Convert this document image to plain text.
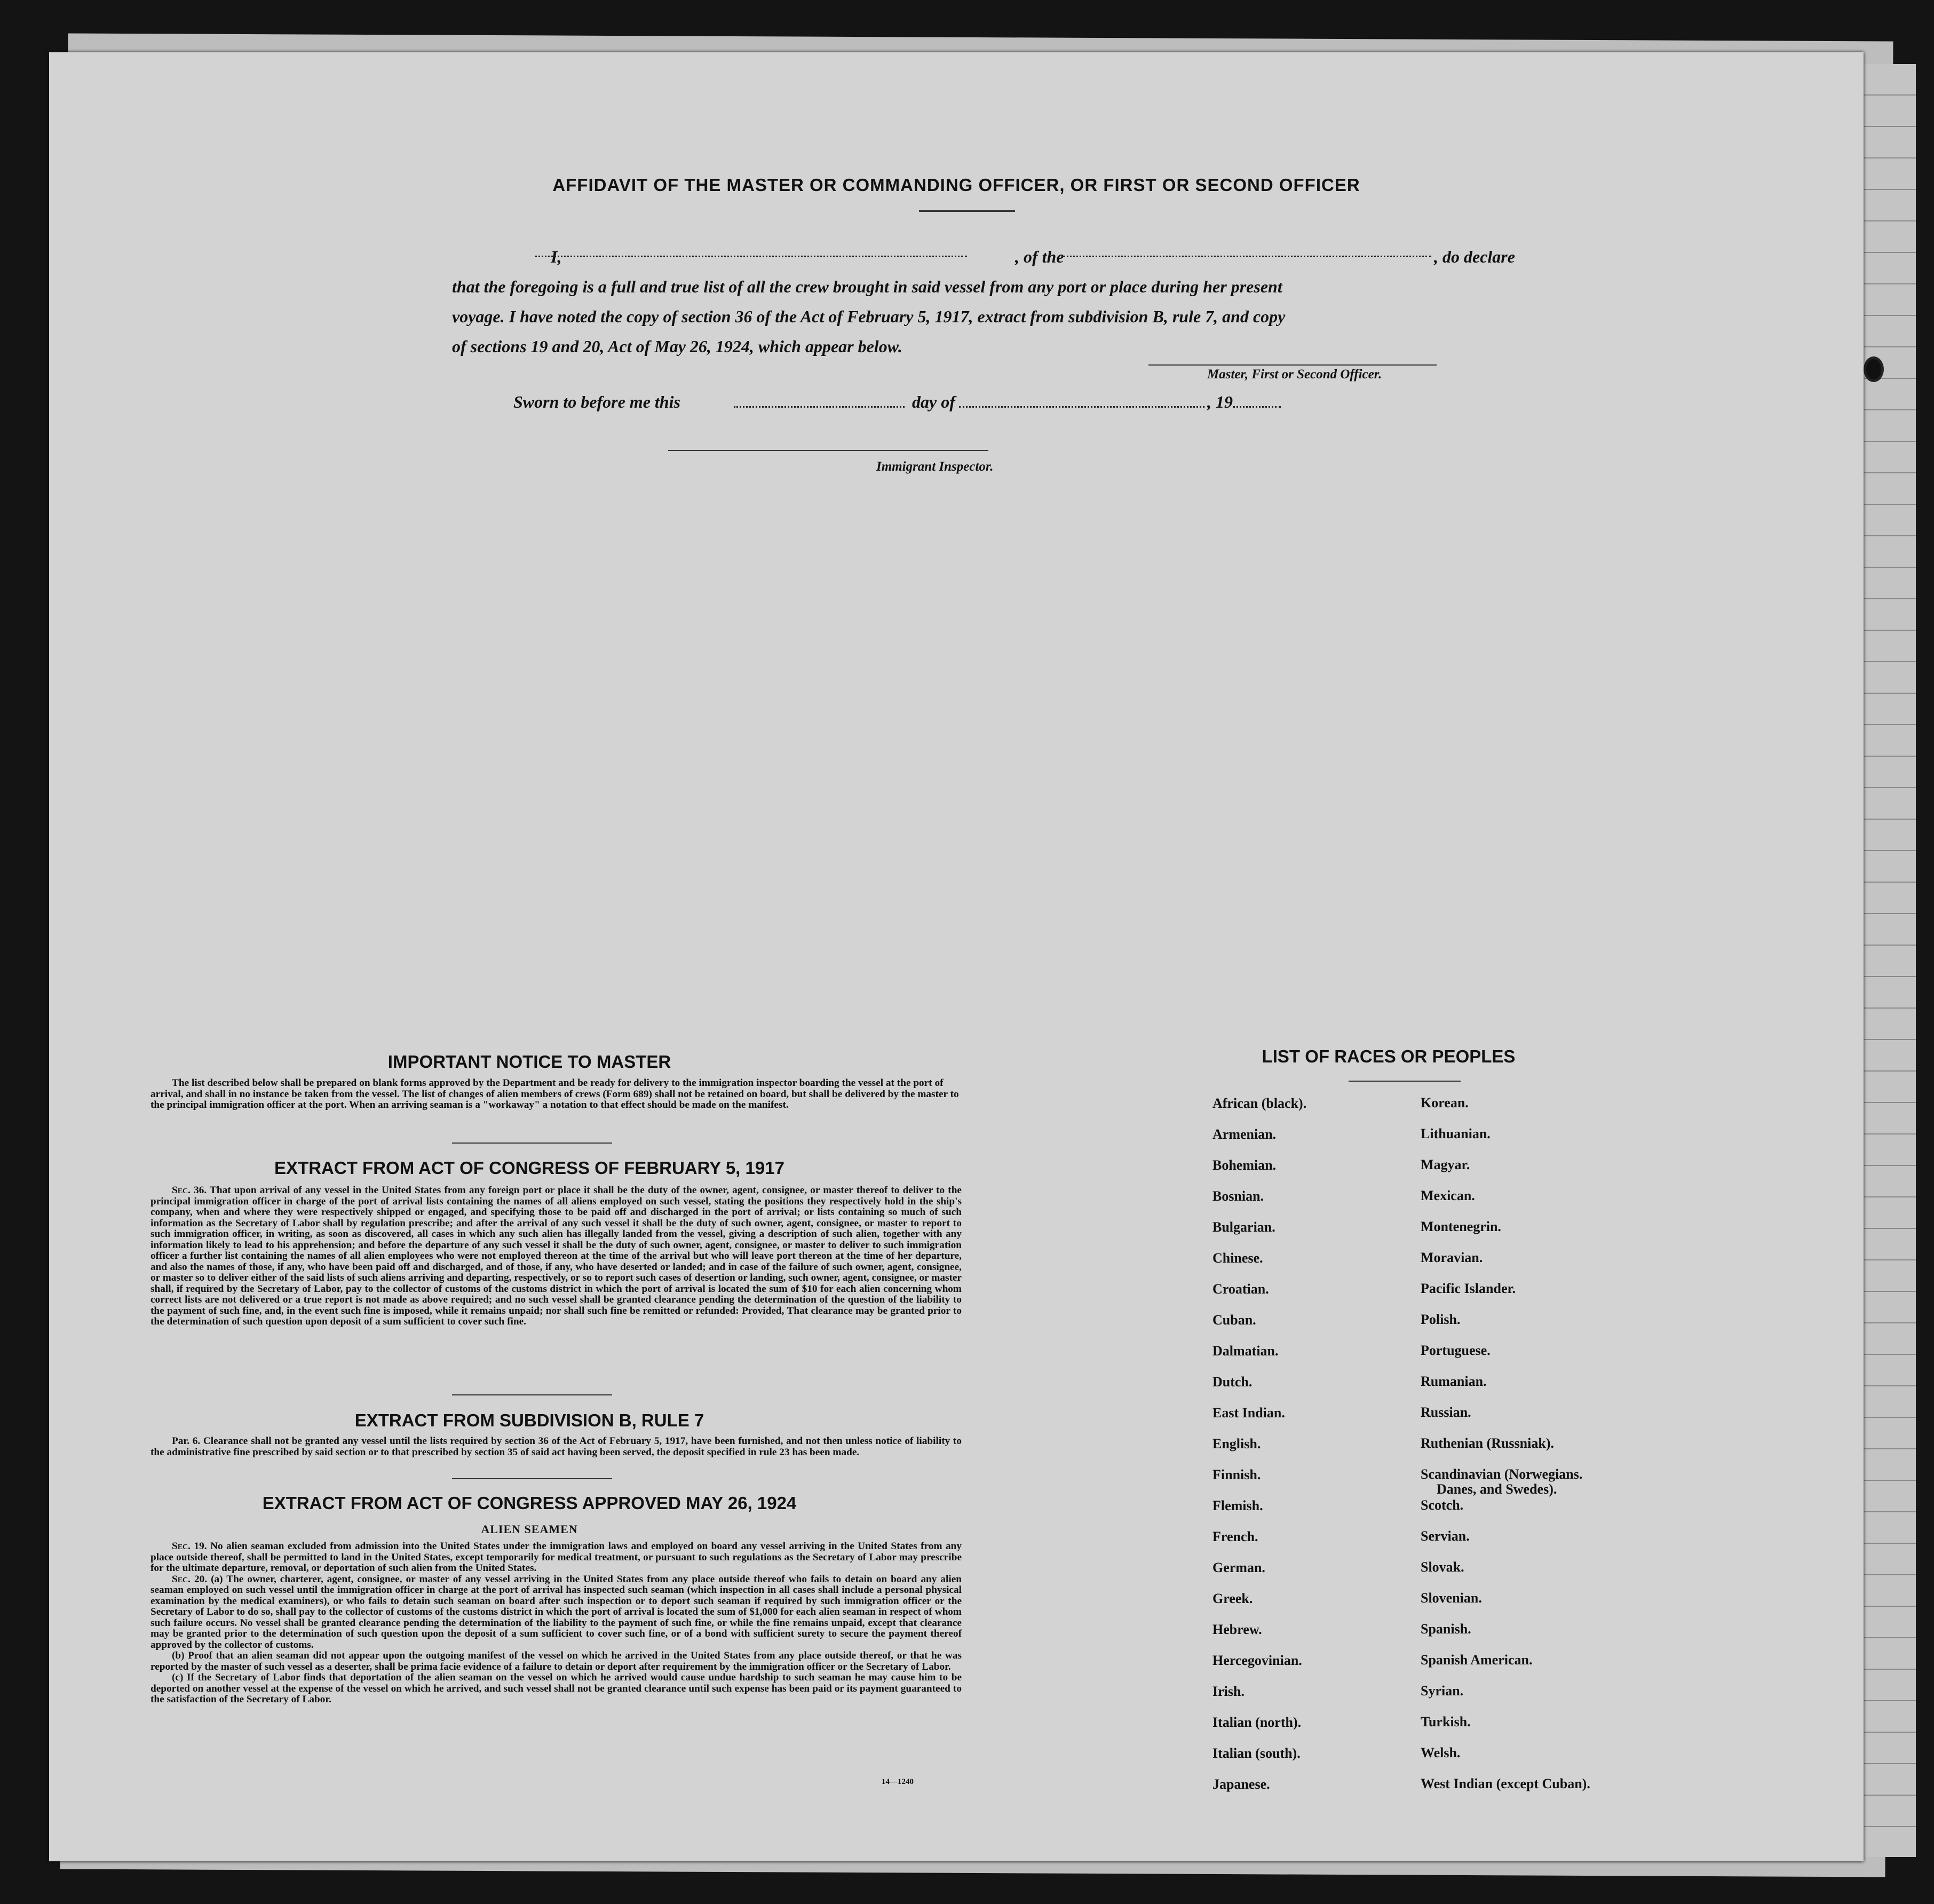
AFFIDAVIT OF THE MASTER OR COMMANDING OFFICER, OR FIRST OR SECOND OFFICER
I,	, of the	, do declare
that the foregoing is a full and true list of all the crew brought in said vessel from any port or place during her present
voyage. I have noted the copy of section 36 of the Act of February 5, 1917, extract from subdivision B, rule 7, and copy
of sections 19 and 20, Act of May 26, 1924, which appear below.
Master, First or Second Officer.
Sworn to before me this	day of	, 19
Immigrant Inspector.
IMPORTANT NOTICE TO MASTER
The list described below shall be prepared on blank forms approved by the Department and be ready for delivery to the immigration inspector boarding the vessel at the port of arrival, and shall in no instance be taken from the vessel. The list of changes of alien members of crews (Form 689) shall not be retained on board, but shall be delivered by the master to the principal immigration officer at the port. When an arriving seaman is a "workaway" a notation to that effect should be made on the manifest.
EXTRACT FROM ACT OF CONGRESS OF FEBRUARY 5, 1917
Sec. 36. That upon arrival of any vessel in the United States from any foreign port or place it shall be the duty of the owner, agent, consignee, or master thereof to deliver to the principal immigration officer in charge of the port of arrival lists containing the names of all aliens employed on such vessel, stating the positions they respectively hold in the ship's company, when and where they were respectively shipped or engaged, and specifying those to be paid off and discharged in the port of arrival; or lists containing so much of such information as the Secretary of Labor shall by regulation prescribe; and after the arrival of any such vessel it shall be the duty of such owner, agent, consignee, or master to report to such immigration officer, in writing, as soon as discovered, all cases in which any such alien has illegally landed from the vessel, giving a description of such alien, together with any information likely to lead to his apprehension; and before the departure of any such vessel it shall be the duty of such owner, agent, consignee, or master to deliver to such immigration officer a further list containing the names of all alien employees who were not employed thereon at the time of the arrival but who will leave port thereon at the time of her departure, and also the names of those, if any, who have been paid off and discharged, and of those, if any, who have deserted or landed; and in case of the failure of such owner, agent, consignee, or master so to deliver either of the said lists of such aliens arriving and departing, respectively, or so to report such cases of desertion or landing, such owner, agent, consignee, or master shall, if required by the Secretary of Labor, pay to the collector of customs of the customs district in which the port of arrival is located the sum of $10 for each alien concerning whom correct lists are not delivered or a true report is not made as above required; and no such vessel shall be granted clearance pending the determination of the question of the liability to the payment of such fine, and, in the event such fine is imposed, while it remains unpaid; nor shall such fine be remitted or refunded: Provided, That clearance may be granted prior to the determination of such question upon deposit of a sum sufficient to cover such fine.
EXTRACT FROM SUBDIVISION B, RULE 7
Par. 6. Clearance shall not be granted any vessel until the lists required by section 36 of the Act of February 5, 1917, have been furnished, and not then unless notice of liability to the administrative fine prescribed by said section or to that prescribed by section 35 of said act having been served, the deposit specified in rule 23 has been made.
EXTRACT FROM ACT OF CONGRESS APPROVED MAY 26, 1924
ALIEN SEAMEN
Sec. 19. No alien seaman excluded from admission into the United States under the immigration laws and employed on board any vessel arriving in the United States from any place outside thereof, shall be permitted to land in the United States, except temporarily for medical treatment, or pursuant to such regulations as the Secretary of Labor may prescribe for the ultimate departure, removal, or deportation of such alien from the United States.
Sec. 20. (a) The owner, charterer, agent, consignee, or master of any vessel arriving in the United States from any place outside thereof who fails to detain on board any alien seaman employed on such vessel until the immigration officer in charge at the port of arrival has inspected such seaman (which inspection in all cases shall include a personal physical examination by the medical examiners), or who fails to detain such seaman on board after such inspection or to deport such seaman if required by such immigration officer or the Secretary of Labor to do so, shall pay to the collector of customs of the customs district in which the port of arrival is located the sum of $1,000 for each alien seaman in respect of whom such failure occurs. No vessel shall be granted clearance pending the determination of the liability to the payment of such fine, or while the fine remains unpaid, except that clearance may be granted prior to the determination of such question upon the deposit of a sum sufficient to cover such fine, or of a bond with sufficient surety to secure the payment thereof approved by the collector of customs.
(b) Proof that an alien seaman did not appear upon the outgoing manifest of the vessel on which he arrived in the United States from any place outside thereof, or that he was reported by the master of such vessel as a deserter, shall be prima facie evidence of a failure to detain or deport after requirement by the immigration officer or the Secretary of Labor.
(c) If the Secretary of Labor finds that deportation of the alien seaman on the vessel on which he arrived would cause undue hardship to such seaman he may cause him to be deported on another vessel at the expense of the vessel on which he arrived, and such vessel shall not be granted clearance until such expense has been paid or its payment guaranteed to the satisfaction of the Secretary of Labor.
14—1240
LIST OF RACES OR PEOPLES
African (black).	Korean.
Armenian.	Lithuanian.
Bohemian.	Magyar.
Bosnian.	Mexican.
Bulgarian.	Montenegrin.
Chinese.	Moravian.
Croatian.	Pacific Islander.
Cuban.	Polish.
Dalmatian.	Portuguese.
Dutch.	Rumanian.
East Indian.	Russian.
English.	Ruthenian (Russniak).
Finnish.	Scandinavian (Norwegians.
Danes, and Swedes).
Flemish.	Scotch.
French.	Servian.
German.	Slovak.
Greek.	Slovenian.
Hebrew.	Spanish.
Hercegovinian.	Spanish American.
Irish.	Syrian.
Italian (north).	Turkish.
Italian (south).	Welsh.
Japanese.	West Indian (except Cuban).
